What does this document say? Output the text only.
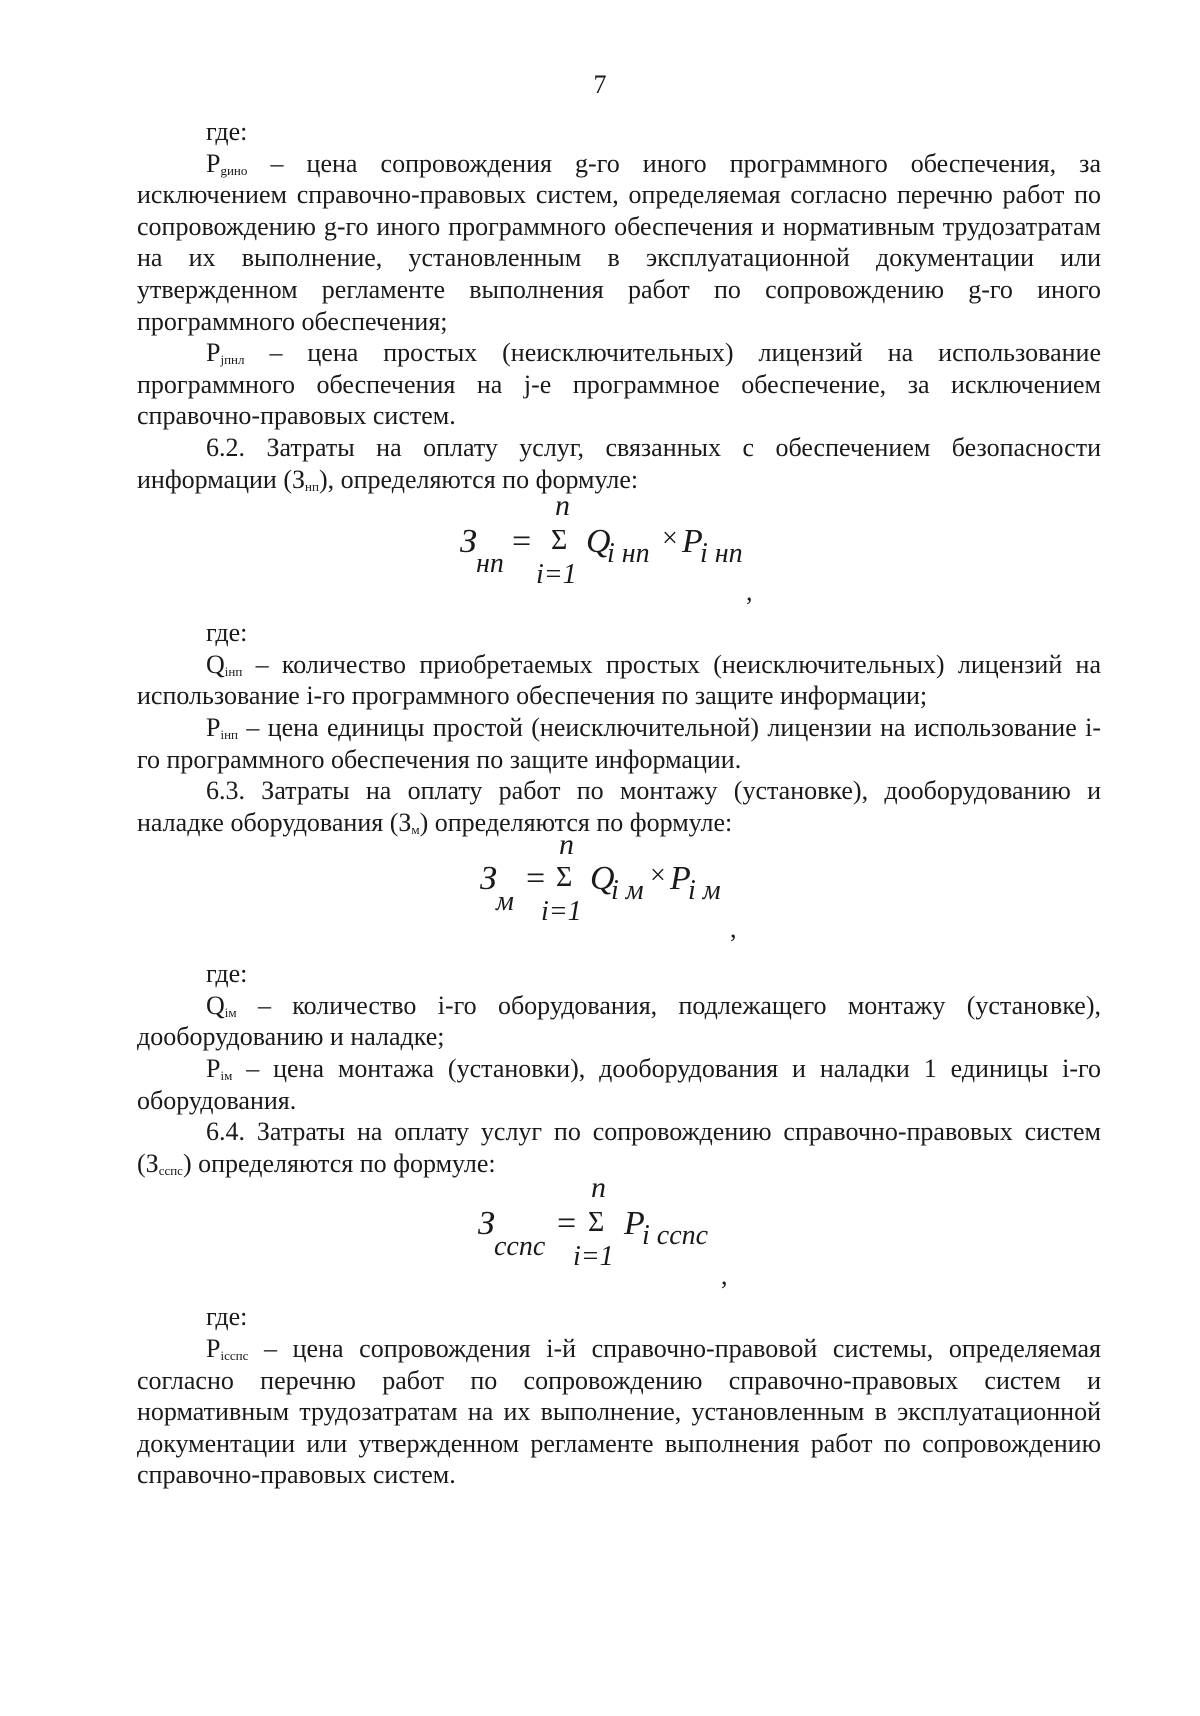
7
где:

$P_{gино}$ – цена сопровождения g-го иного программного обеспечения, за исключением справочно-правовых систем, определяемая согласно перечню работ по сопровождению g-го иного программного обеспечения и нормативным трудозатратам на их выполнение, установленным в эксплуатационной документации или утвержденном регламенте выполнения работ по сопровождению g-го иного программного обеспечения;

$P_{jпнл}$ – цена простых (неисключительных) лицензий на использование программного обеспечения на j-е программное обеспечение, за исключением справочно-правовых систем.

6.2. Затраты на оплату услуг, связанных с обеспечением безопасности информации $(З_{нп})$, определяются по формуле:

З
нп
=
n
Σ
i=1
Q
i нп × P
i нп
,
где:

$Q_{iнп}$ – количество приобретаемых простых (неисключительных) лицензий на использование i-го программного обеспечения по защите информации;

$P_{iнп}$ – цена единицы простой (неисключительной) лицензии на использование i-го программного обеспечения по защите информации.

6.3. Затраты на оплату работ по монтажу (установке), дооборудованию и наладке оборудования $(З_м)$ определяются по формуле:

З
м
=
n
Σ
i=1
Q
i м × P
i м
,
где:

$Q_{iм}$ – количество i-го оборудования, подлежащего монтажу (установке), дооборудованию и наладке;

$P_{iм}$ – цена монтажа (установки), дооборудования и наладки 1 единицы i-го оборудования.

6.4. Затраты на оплату услуг по сопровождению справочно-правовых систем $(З_{сспс})$ определяются по формуле:

З
сспс
=
n
Σ
i=1
P
i сспс
,
где:

$P_{iсспс}$ – цена сопровождения i-й справочно-правовой системы, определяемая согласно перечню работ по сопровождению справочно-правовых систем и нормативным трудозатратам на их выполнение, установленным в эксплуатационной документации или утвержденном регламенте выполнения работ по сопровождению справочно-правовых систем.
